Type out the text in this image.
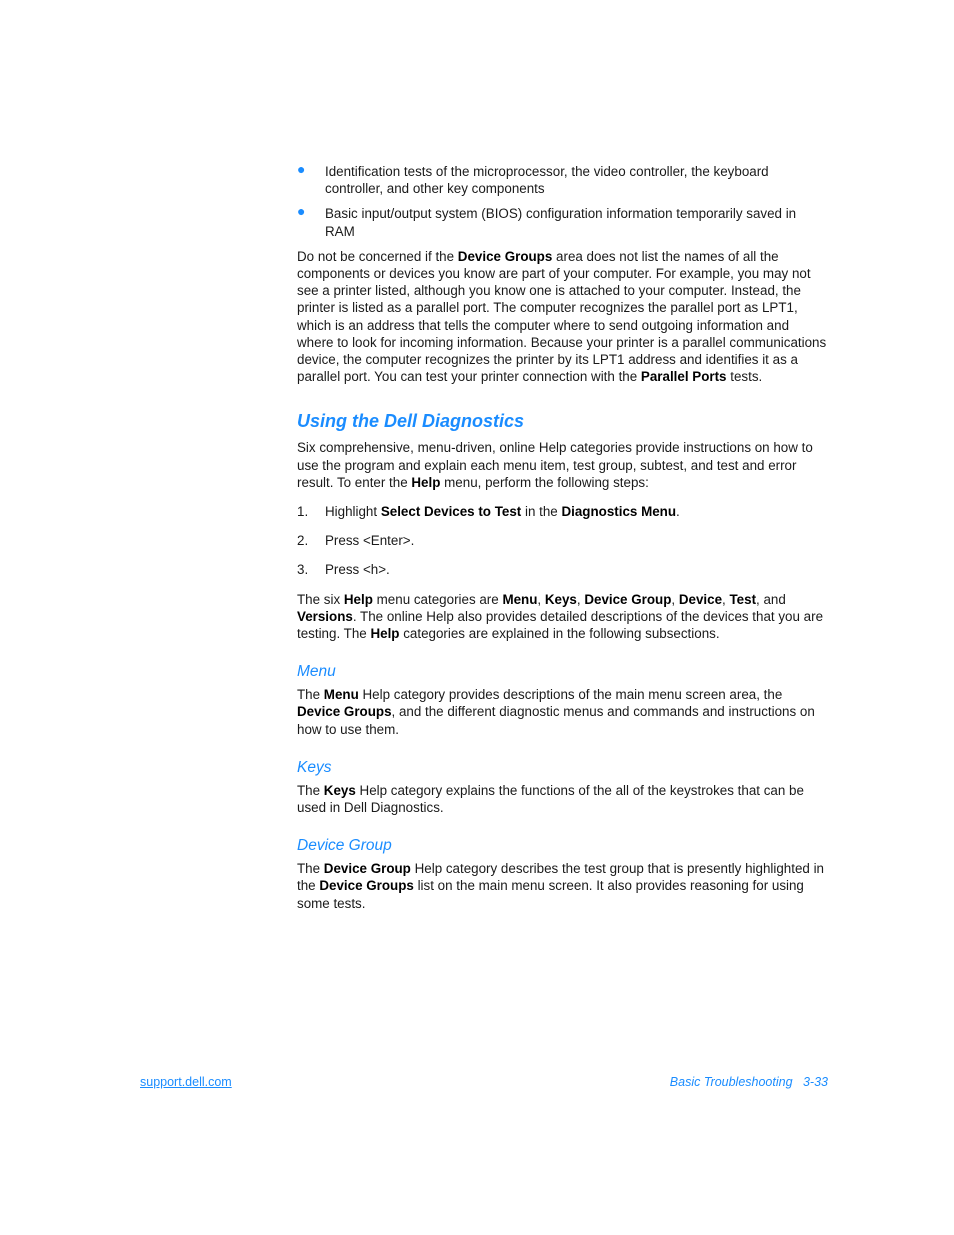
● Identification tests of the microprocessor, the video controller, the keyboard controller, and other key components
● Basic input/output system (BIOS) configuration information temporarily saved in RAM

Do not be concerned if the Device Groups area does not list the names of all the components or devices you know are part of your computer. For example, you may not see a printer listed, although you know one is attached to your computer. Instead, the printer is listed as a parallel port. The computer recognizes the parallel port as LPT1, which is an address that tells the computer where to send outgoing information and where to look for incoming information. Because your printer is a parallel communications device, the computer recognizes the printer by its LPT1 address and identifies it as a parallel port. You can test your printer connection with the Parallel Ports tests.

Using the Dell Diagnostics

Six comprehensive, menu-driven, online Help categories provide instructions on how to use the program and explain each menu item, test group, subtest, and test and error result. To enter the Help menu, perform the following steps:

1. Highlight Select Devices to Test in the Diagnostics Menu.
2. Press <Enter>.
3. Press <h>.

The six Help menu categories are Menu, Keys, Device Group, Device, Test, and Versions. The online Help also provides detailed descriptions of the devices that you are testing. The Help categories are explained in the following subsections.

Menu

The Menu Help category provides descriptions of the main menu screen area, the Device Groups, and the different diagnostic menus and commands and instructions on how to use them.

Keys

The Keys Help category explains the functions of the all of the keystrokes that can be used in Dell Diagnostics.

Device Group

The Device Group Help category describes the test group that is presently highlighted in the Device Groups list on the main menu screen. It also provides reasoning for using some tests.

support.dell.com	Basic Troubleshooting 3-33
